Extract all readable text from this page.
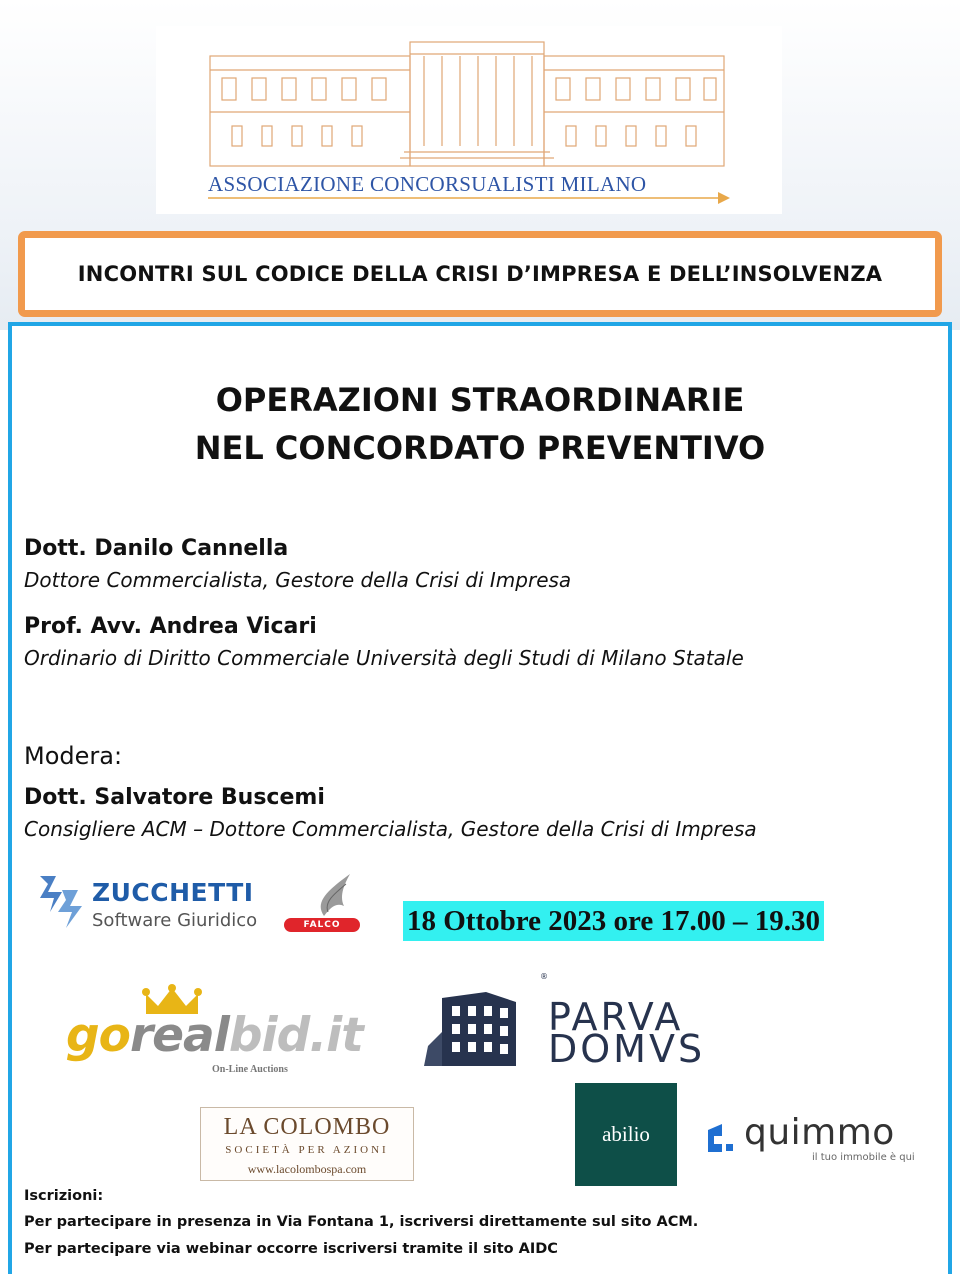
ASSOCIAZIONE CONCORSUALISTI MILANO
INCONTRI SUL CODICE DELLA CRISI D’IMPRESA E DELL’INSOLVENZA
OPERAZIONI STRAORDINARIE
NEL CONCORDATO PREVENTIVO
Dott. Danilo Cannella
Dottore Commercialista, Gestore della Crisi di Impresa
Prof. Avv. Andrea Vicari
Ordinario di Diritto Commerciale Università degli Studi di Milano Statale
Modera:
Dott. Salvatore Buscemi
Consigliere ACM – Dottore Commercialista, Gestore della Crisi di Impresa
ZUCCHETTI
Software Giuridico	FALCO	18 Ottobre 2023 ore 17.00 – 19.30
gorealbid.it
On-Line Auctions
®
PARVA
DOMVS
LA COLOMBO
SOCIETÀ PER AZIONI
www.lacolombospa.com
abilio	quimmo
il tuo immobile è qui
Iscrizioni:
Per partecipare in presenza in Via Fontana 1, iscriversi direttamente sul sito ACM.
Per partecipare via webinar occorre iscriversi tramite il sito AIDC
